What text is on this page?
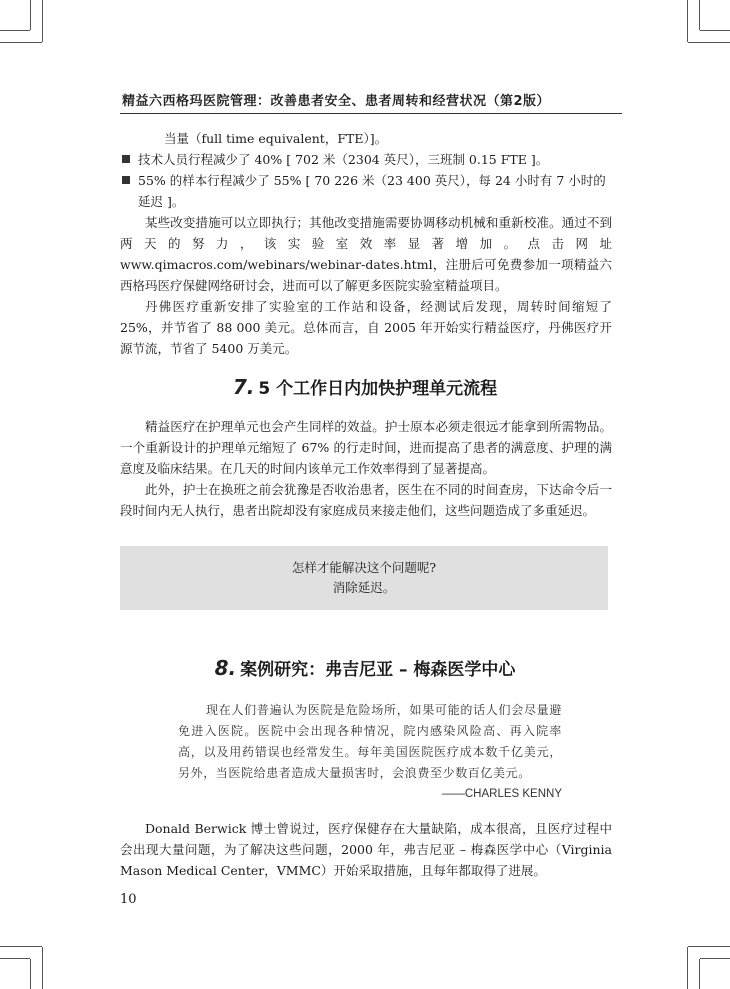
精益六西格玛医院管理：改善患者安全、患者周转和经营状况（第2版）
当量（full time equivalent，FTE）]。
技术人员行程减少了 40% [ 702 米（2304 英尺），三班制 0.15 FTE ]。
55% 的样本行程减少了 55% [ 70 226 米（23 400 英尺），每 24 小时有 7 小时的延迟 ]。

某些改变措施可以立即执行；其他改变措施需要协调移动机械和重新校准。通过不到两天的努力，该实验室效率显著增加。点击网址 www.qimacros.com/webinars/webinar-dates.html，注册后可免费参加一项精益六西格玛医疗保健网络研讨会，进而可以了解更多医院实验室精益项目。

丹佛医疗重新安排了实验室的工作站和设备，经测试后发现，周转时间缩短了 25%，并节省了 88 000 美元。总体而言，自 2005 年开始实行精益医疗，丹佛医疗开源节流，节省了 5400 万美元。

7. 5 个工作日内加快护理单元流程

精益医疗在护理单元也会产生同样的效益。护士原本必须走很远才能拿到所需物品。一个重新设计的护理单元缩短了 67% 的行走时间，进而提高了患者的满意度、护理的满意度及临床结果。在几天的时间内该单元工作效率得到了显著提高。

此外，护士在换班之前会犹豫是否收治患者，医生在不同的时间查房，下达命令后一段时间内无人执行，患者出院却没有家庭成员来接走他们，这些问题造成了多重延迟。

怎样才能解决这个问题呢?
消除延迟。
8. 案例研究：弗吉尼亚 – 梅森医学中心

现在人们普遍认为医院是危险场所，如果可能的话人们会尽量避免进入医院。医院中会出现各种情况，院内感染风险高、再入院率高，以及用药错误也经常发生。每年美国医院医疗成本数千亿美元，另外，当医院给患者造成大量损害时，会浪费至少数百亿美元。

——CHARLES KENNY

Donald Berwick 博士曾说过，医疗保健存在大量缺陷，成本很高，且医疗过程中会出现大量问题，为了解决这些问题，2000 年，弗吉尼亚 – 梅森医学中心（Virginia Mason Medical Center，VMMC）开始采取措施，且每年都取得了进展。

10
